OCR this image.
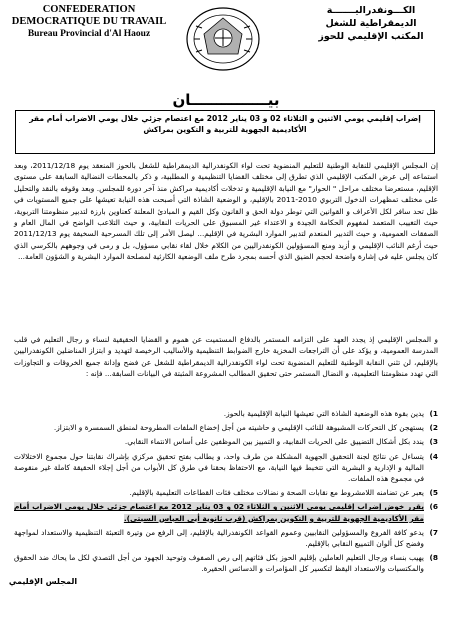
CONFEDERATION
DEMOCRATIQUE DU TRAVAIL
Bureau Provincial d'Al Haouz
الكـــونفدراليـــــــة
الديمقراطية للشغل
المكتب الإقليمي للحوز
بيـــــــــــــــان
إضراب إقليمي يومي الاثنين و الثلاثاء 02 و 03 يناير 2012 مع اعتصام جزئي خلال يومي الاضراب أمام مقر الأكاديمية الجهوية للتربية و التكوين بمراكش
إن المجلس الإقليمي للنقابة الوطنية للتعليم المنضوية تحت لواء الكونفدرالية الديمقراطية للشغل بالحوز المنعقد يوم 2011/12/18، وبعد استماعه إلى عرض المكتب الإقليمي الذي تطرق إلى مختلف القضايا التنظيمية و المطلبية، و ذكر بالمحطات النضالية السابقة على مستوى الإقليم، مستعرضا مختلف مراحل " الحوار" مع النيابة الإقليمية و تدخلات أكاديمية مراكش منذ آخر دورة للمجلس. وبعد وقوفه بالنقد والتحليل على مختلف تمظهرات الدخول التربوي 2010-2011 بالإقليم، و الوضعية الشاذة التي أصبحت هذه النيابة تعيشها على جميع المستويات في ظل تحد سافر لكل الأعراف و القوانين التي توطر دولة الحق و القانون وكل القيم و المبادئ المعلنة كعناوين بارزة لتدبير منظومتنا التربوية، حيث التغييب المتعمد لمفهوم الحكامة الجيدة و الاعتداء غير المسبوق على الحريات النقابية، و حيث التلاعب الواضح في المال العام و الصفقات العمومية، و حيث التدبير المنعدم لتدبير الموارد البشرية في الإقليم... ليصل الأمر إلى تلك المسرحية السخيفة يوم 2011/12/13 حيث أرغم النائب الإقليمي و أزبد ومنع المسؤولين الكونفدراليين من الكلام خلال لقاء نقابي مسؤول، بل و رمى في وجوههم بالكرسي الذي كان يجلس عليه في إشارة واضحة لحجم الضيق الذي أحسه بمجرد طرح ملف الوضعية الكارثية لمصلحة الموارد البشرية و الشؤون العامة...
و المجلس الإقليمي إذ يجدد العهد على التزامه المستمر بالدفاع المستميت عن هموم و القضايا الحقيقية لنساء و رجال التعليم في قلب المدرسة العمومية، و يؤكد على أن التراجعات المخزية خارج الضوابط التنظيمية والأساليب الرخيصة لتهديد و ابتزاز المناضلين الكونفدراليين بالإقليم، لن تثني النقابة الوطنية للتعليم المنضوية تحت لواء الكونفدرالية الديمقراطية للشغل عن فضح وإدانة جميع الخروقات و التجاوزات التي تهدد منظومتنا التعليمية، و النضال المستمر حتى تحقيق المطالب المشروعة المثبتة في البيانات السابقة... فإنه :
1)
يدين بقوة هذه الوضعية الشاذة التي تعيشها النيابة الإقليمية بالحوز.
2)
يستهجن كل التحركات المشبوهة للنائب الإقليمي و حاشيته من أجل إخضاع الملفات المطروحة لمنطق السمسرة و الابتزاز.
3)
يندد بكل أشكال التضييق على الحريات النقابية، و التمييز بين الموظفين على أساس الانتماء النقابي.
4)
يتساءل عن نتائج لجنة التحقيق الجهوية المشكلة من طرف واحد، و يطالب بفتح تحقيق مركزي بإشراك نقابتنا حول مجموع الاختلالات المالية و الإدارية و البشرية التي تتخبط فيها النيابة، مع الاحتفاظ بحقنا في طرق كل الأبواب من أجل إجلاء الحقيقة كاملة غير منقوصة في مجموع هذه الملفات.
5)
يعبر عن تضامنه اللامشروط مع نقابات الصحة و نضالات مختلف فئات القطاعات التعليمية بالإقليم.
6)
يقرر خوض إضراب إقليمي يومي الاثنين و الثلاثاء 02 و 03 يناير 2012 مع اعتصام جزئي خلال يومي الاضراب أمام مقر الأكاديمية الجهوية للتربية و التكوين بمراكش (قرب ثانوية أبي العباس السبتي).
7)
يدعو كافة الفروع والمسؤولين النقابيين وعموم القواعد الكونفدرالية بالإقليم، إلى الرفع من وتيرة التعبئة التنظيمية والاستعداد لمواجهة وفضح كل ألوان التمييع النقابي بالإقليم.
8)
يهيب بنساء ورجال التعليم العاملين بإقليم الحوز بكل فئاتهم إلى رص الصفوف وتوحيد الجهود من أجل التصدي لكل ما يحاك ضد الحقوق والمكتسبات والاستعداد اليقظ لتكسير كل المؤامرات و الدسائس الحقيرة.
المجلس الإقليمي
